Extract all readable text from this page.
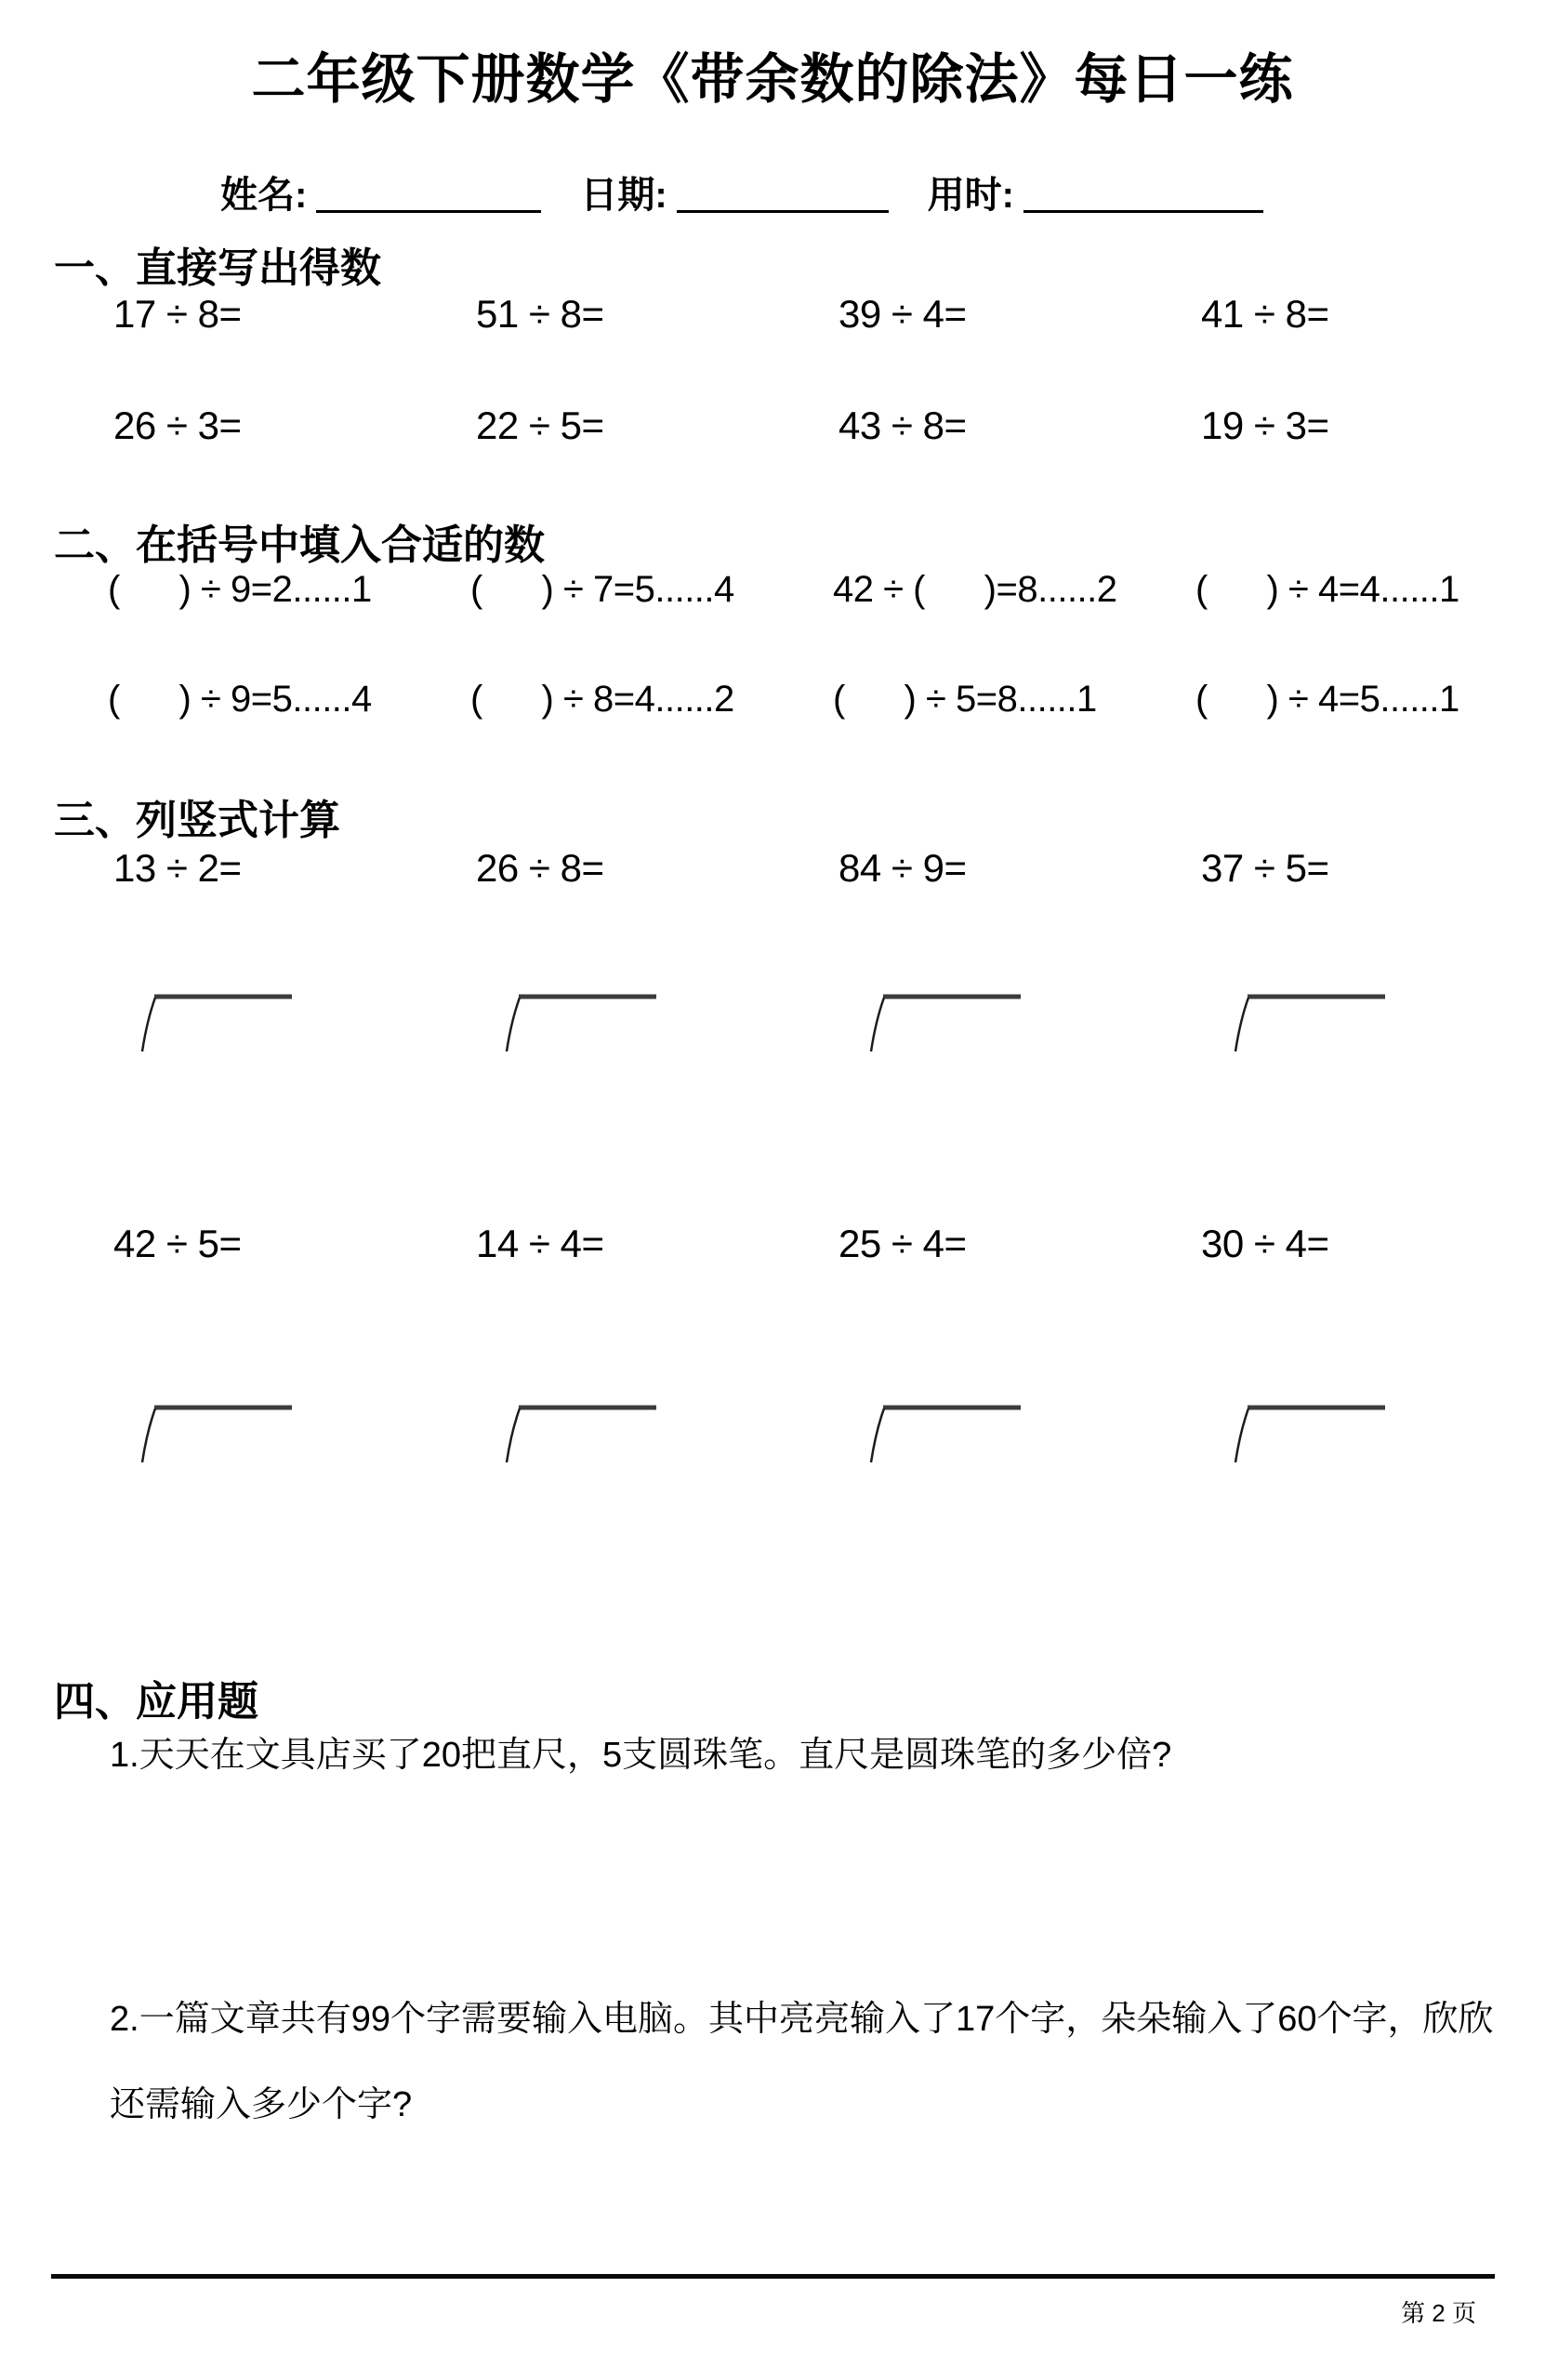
二年级下册数学《带余数的除法》每日一练
姓名:	日期:	用时:
一、直接写出得数
17 ÷ 8=	51 ÷ 8=	39 ÷ 4=	41 ÷ 8=
26 ÷ 3=	22 ÷ 5=	43 ÷ 8=	19 ÷ 3=
二、在括号中填入合适的数
(      ) ÷ 9=2......1	(      ) ÷ 7=5......4	42 ÷ (      )=8......2	(      ) ÷ 4=4......1
(      ) ÷ 9=5......4	(      ) ÷ 8=4......2	(      ) ÷ 5=8......1	(      ) ÷ 4=5......1
三、列竖式计算
13 ÷ 2=	26 ÷ 8=	84 ÷ 9=	37 ÷ 5=
42 ÷ 5=	14 ÷ 4=	25 ÷ 4=	30 ÷ 4=
四、应用题
1.天天在文具店买了20把直尺，5支圆珠笔。直尺是圆珠笔的多少倍?
2.一篇文章共有99个字需要输入电脑。其中亮亮输入了17个字，朵朵输入了60个字，欣欣还需输入多少个字?
第 2 页
